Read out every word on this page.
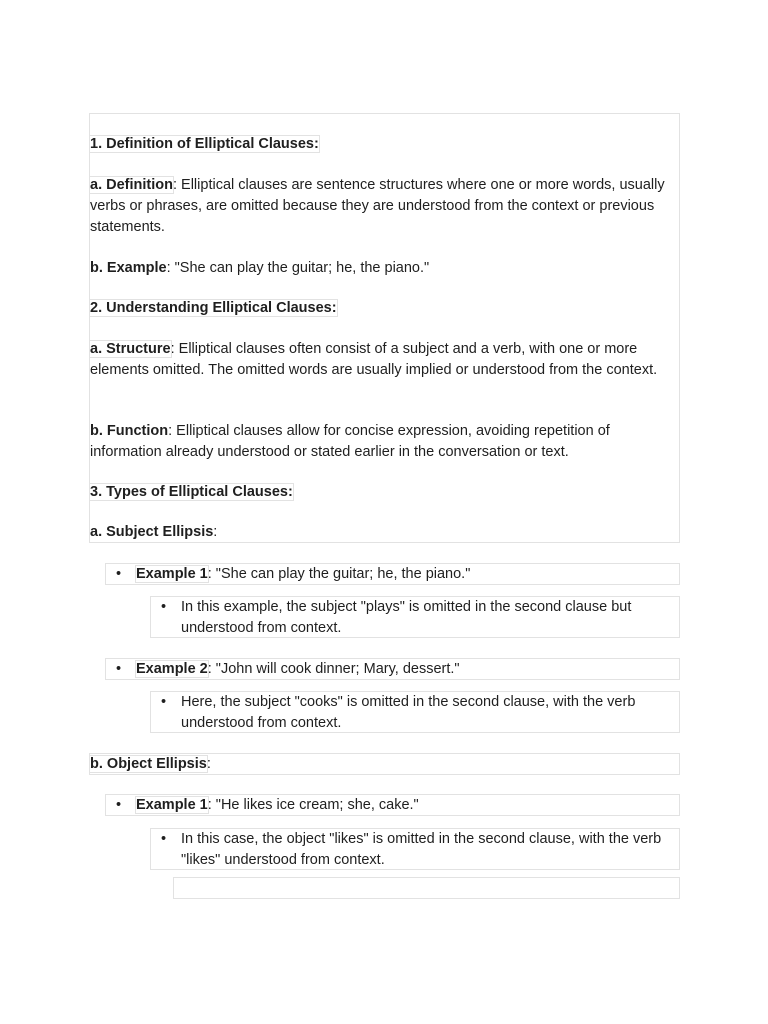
1. Definition of Elliptical Clauses:
a. Definition: Elliptical clauses are sentence structures where one or more words, usually verbs or phrases, are omitted because they are understood from the context or previous statements.
b. Example: "She can play the guitar; he, the piano."
2. Understanding Elliptical Clauses:
a. Structure: Elliptical clauses often consist of a subject and a verb, with one or more elements omitted. The omitted words are usually implied or understood from the context.
b. Function: Elliptical clauses allow for concise expression, avoiding repetition of information already understood or stated earlier in the conversation or text.
3. Types of Elliptical Clauses:
a. Subject Ellipsis:
• Example 1: "She can play the guitar; he, the piano."
• In this example, the subject "plays" is omitted in the second clause but understood from context.
• Example 2: "John will cook dinner; Mary, dessert."
• Here, the subject "cooks" is omitted in the second clause, with the verb understood from context.
b. Object Ellipsis:
• Example 1: "He likes ice cream; she, cake."
• In this case, the object "likes" is omitted in the second clause, with the verb "likes" understood from context.
